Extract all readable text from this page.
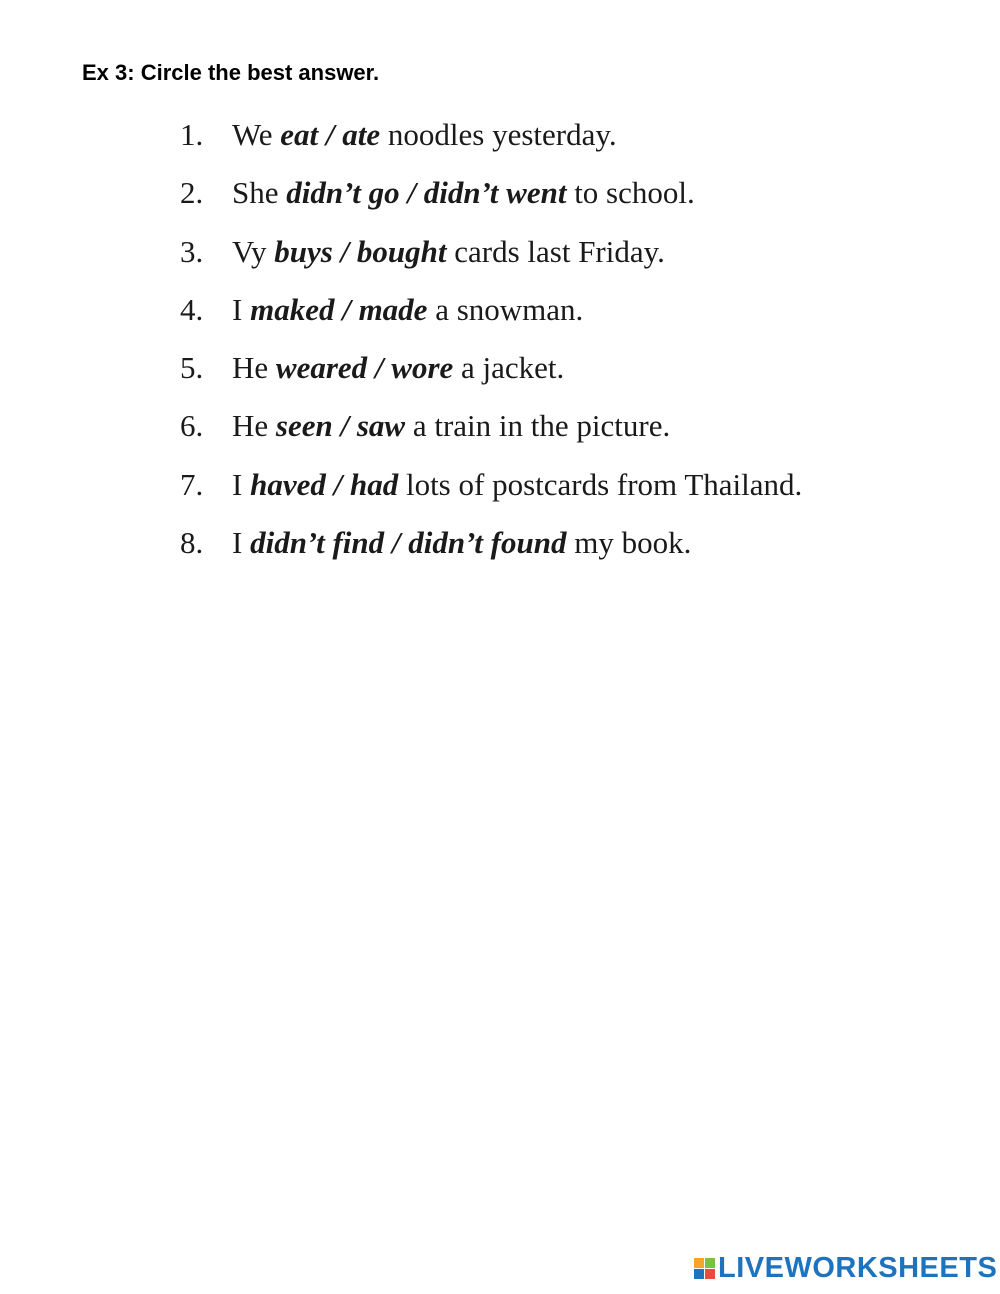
Ex 3: Circle the best answer.
1. We eat / ate noodles yesterday.
2. She didn’t go / didn’t went to school.
3. Vy buys / bought cards last Friday.
4. I maked / made a snowman.
5. He weared / wore a jacket.
6. He seen / saw a train in the picture.
7. I haved / had lots of postcards from Thailand.
8. I didn’t find / didn’t found my book.
LIVEWORKSHEETS
